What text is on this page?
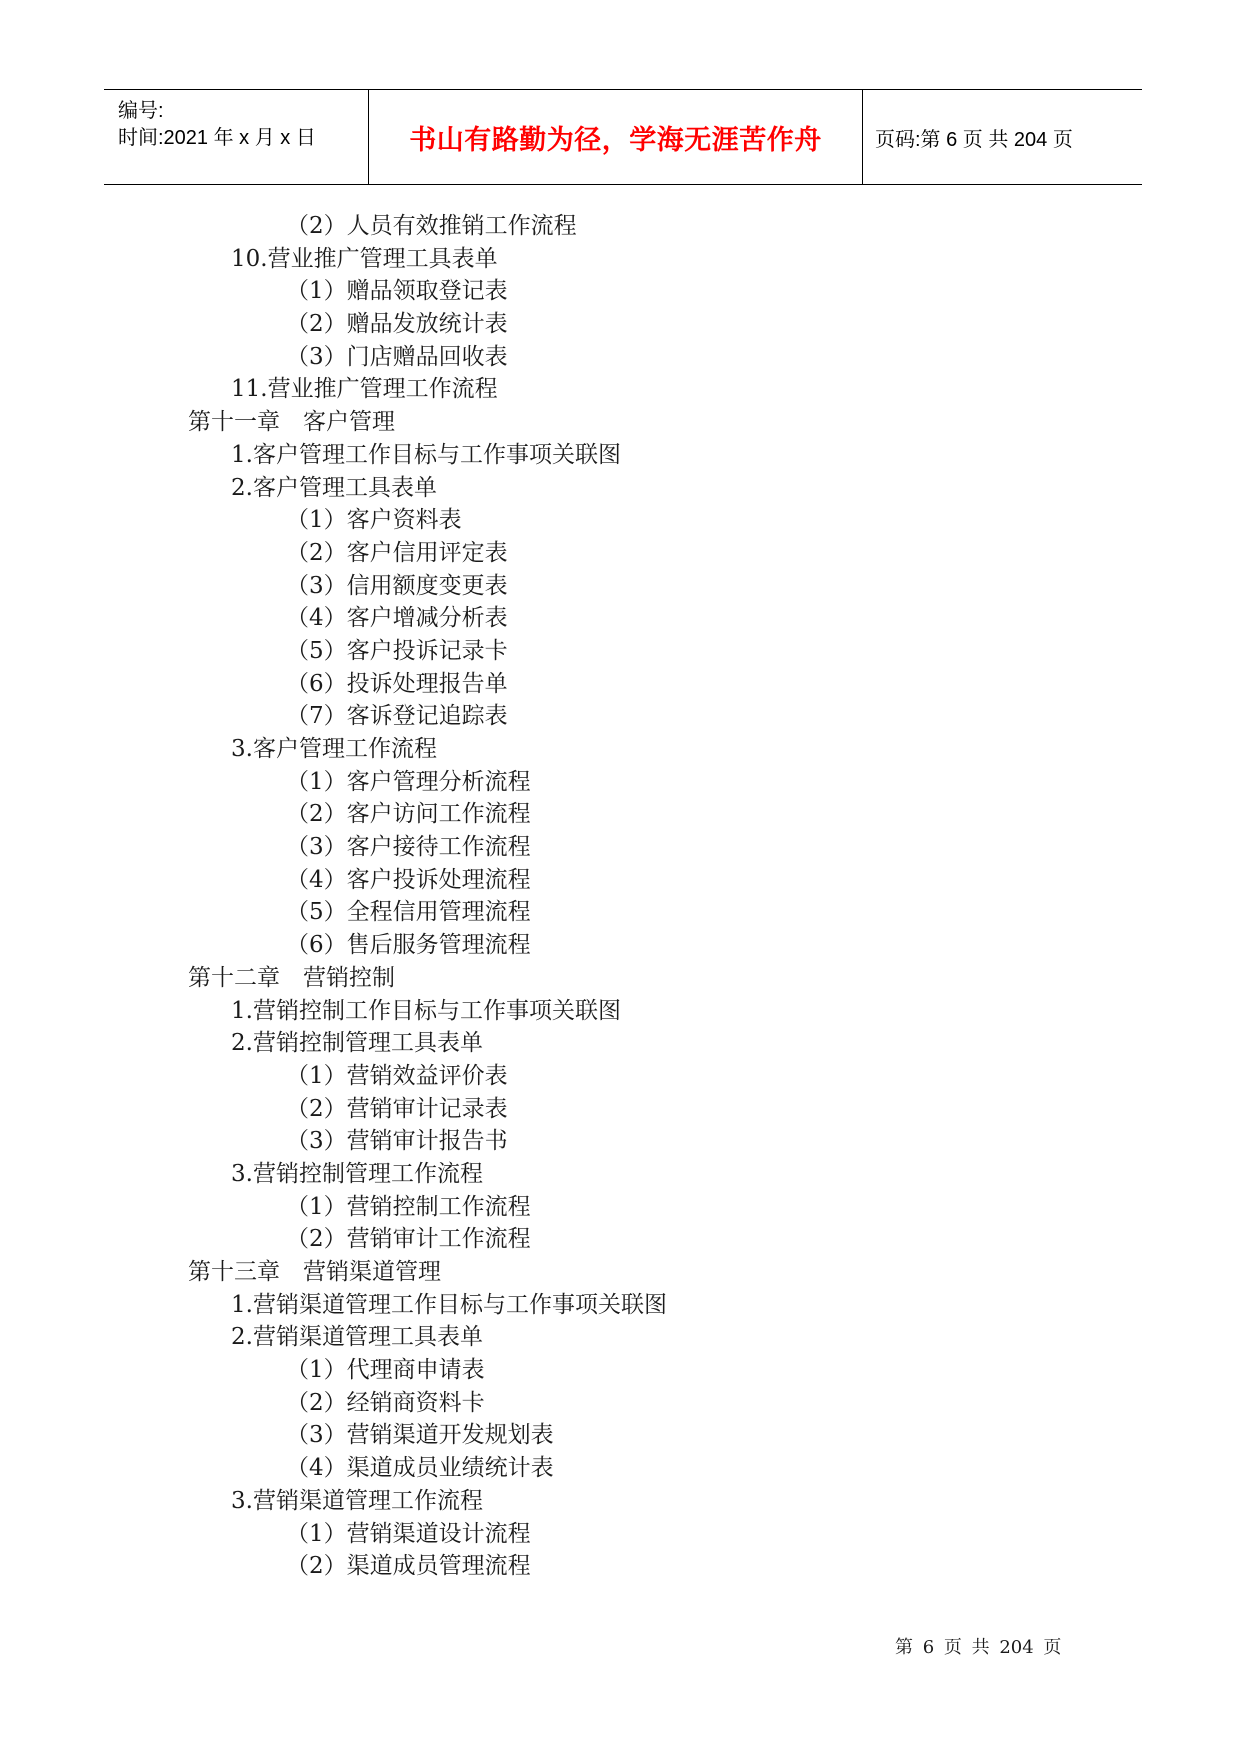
编号:
时间:2021 年 x 月 x 日	书山有路勤为径，学海无涯苦作舟	页码:第 6 页 共 204 页
（2）人员有效推销工作流程
10.营业推广管理工具表单
（1）赠品领取登记表
（2）赠品发放统计表
（3）门店赠品回收表
11.营业推广管理工作流程
第十一章　客户管理
1.客户管理工作目标与工作事项关联图
2.客户管理工具表单
（1）客户资料表
（2）客户信用评定表
（3）信用额度变更表
（4）客户增减分析表
（5）客户投诉记录卡
（6）投诉处理报告单
（7）客诉登记追踪表
3.客户管理工作流程
（1）客户管理分析流程
（2）客户访问工作流程
（3）客户接待工作流程
（4）客户投诉处理流程
（5）全程信用管理流程
（6）售后服务管理流程
第十二章　营销控制
1.营销控制工作目标与工作事项关联图
2.营销控制管理工具表单
（1）营销效益评价表
（2）营销审计记录表
（3）营销审计报告书
3.营销控制管理工作流程
（1）营销控制工作流程
（2）营销审计工作流程
第十三章　营销渠道管理
1.营销渠道管理工作目标与工作事项关联图
2.营销渠道管理工具表单
（1）代理商申请表
（2）经销商资料卡
（3）营销渠道开发规划表
（4）渠道成员业绩统计表
3.营销渠道管理工作流程
（1）营销渠道设计流程
（2）渠道成员管理流程
第 6 页 共 204 页
